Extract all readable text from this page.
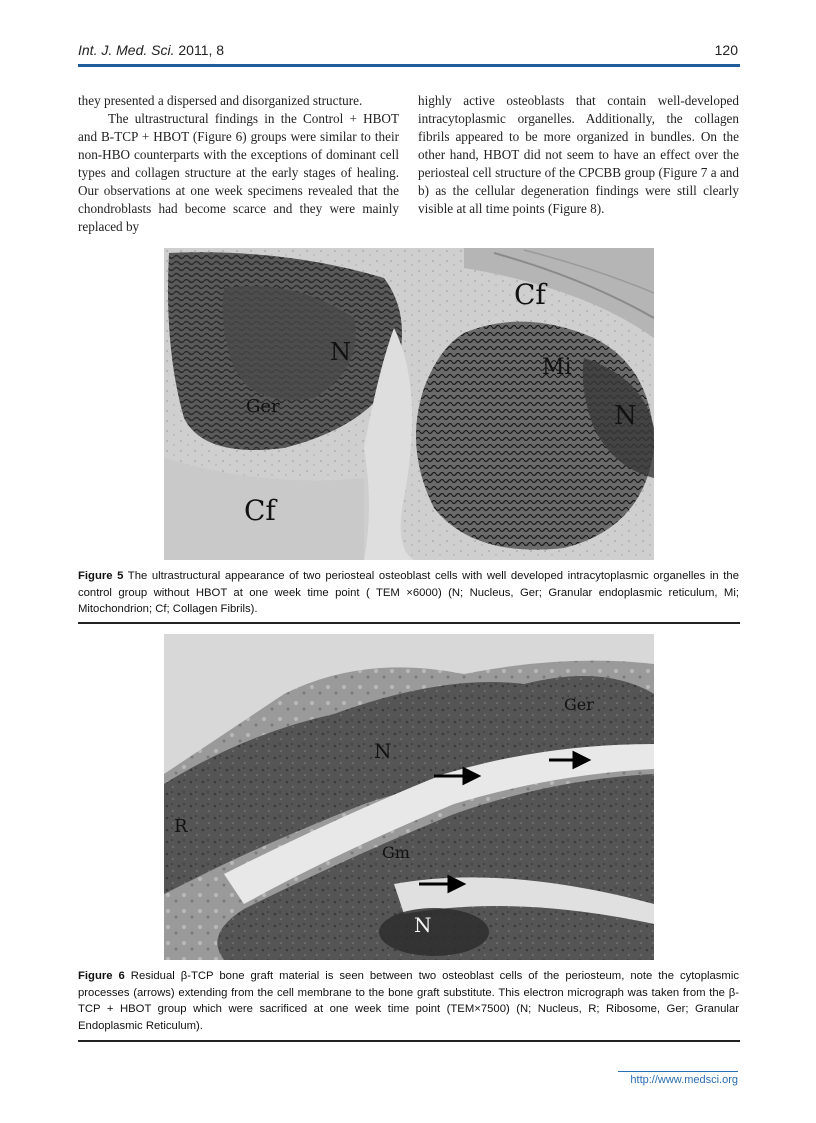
Int. J. Med. Sci. 2011, 8	120

they presented a dispersed and disorganized structure.

The ultrastructural findings in the Control + HBOT and B-TCP + HBOT (Figure 6) groups were similar to their non-HBO counterparts with the exceptions of dominant cell types and collagen structure at the early stages of healing. Our observations at one week specimens revealed that the chondroblasts had become scarce and they were mainly replaced by

highly active osteoblasts that contain well-developed intracytoplasmic organelles. Additionally, the collagen fibrils appeared to be more organized in bundles. On the other hand, HBOT did not seem to have an effect over the periosteal cell structure of the CPCBB group (Figure 7 a and b) as the cellular degeneration findings were still clearly visible at all time points (Figure 8).

Cf
N
Mi
Ger	N
Cf
Figure 5 The ultrastructural appearance of two periosteal osteoblast cells with well developed intracytoplasmic organelles in the control group without HBOT at one week time point ( TEM ×6000) (N; Nucleus, Ger; Granular endoplasmic reticulum, Mi; Mitochondrion; Cf; Collagen Fibrils).
Ger
N
R
Gm
N
Figure 6 Residual β-TCP bone graft material is seen between two osteoblast cells of the periosteum, note the cytoplasmic processes (arrows) extending from the cell membrane to the bone graft substitute. This electron micrograph was taken from the β-TCP + HBOT group which were sacrificed at one week time point (TEM×7500) (N; Nucleus, R; Ribosome, Ger; Granular Endoplasmic Reticulum).
http://www.medsci.org
